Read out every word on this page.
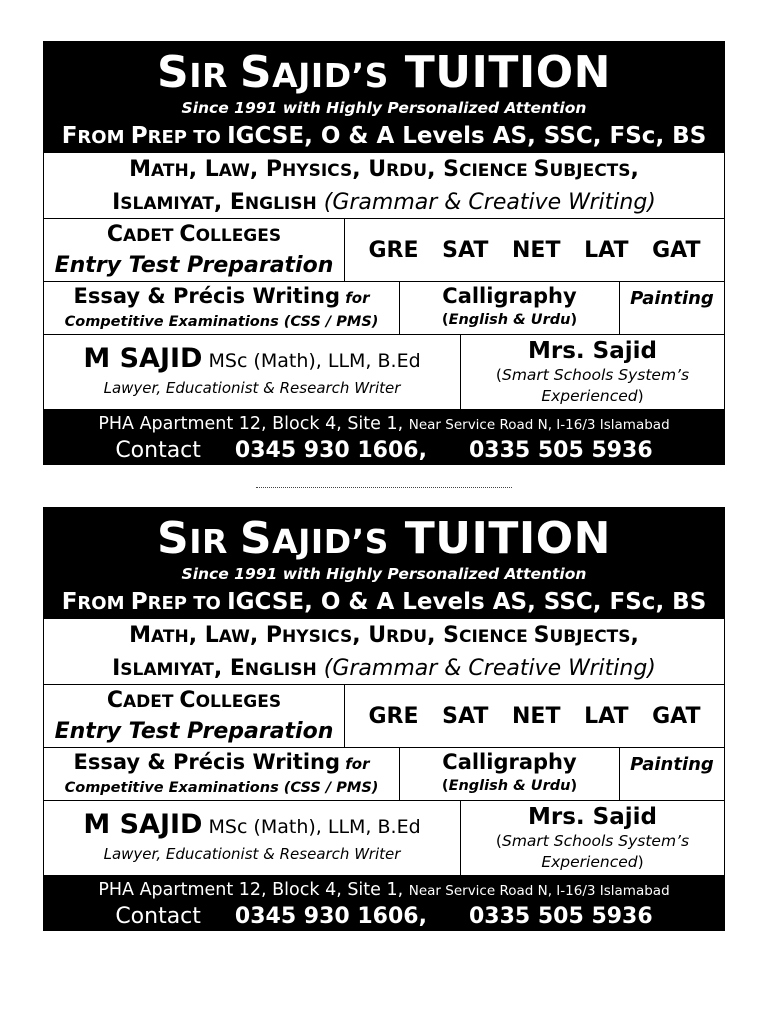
SIR SAJID’S TUITION
Since 1991 with Highly Personalized Attention
FROM PREP TO IGCSE, O & A Levels AS, SSC, FSc, BS
MATH, LAW, PHYSICS, URDU, SCIENCE SUBJECTS,
ISLAMIYAT, ENGLISH (Grammar & Creative Writing)
CADET COLLEGES
Entry Test Preparation
GRE SAT NET LAT GAT
Essay & Précis Writing for
Competitive Examinations (CSS / PMS)
Calligraphy
(English & Urdu)
Painting
M SAJID MSc (Math), LLM, B.Ed
Lawyer, Educationist & Research Writer
Mrs. Sajid
(Smart Schools System’s
Experienced)
PHA Apartment 12, Block 4, Site 1, Near Service Road N, I-16/3 Islamabad
Contact 0345 930 1606, 0335 505 5936
SIR SAJID’S TUITION
Since 1991 with Highly Personalized Attention
FROM PREP TO IGCSE, O & A Levels AS, SSC, FSc, BS
MATH, LAW, PHYSICS, URDU, SCIENCE SUBJECTS,
ISLAMIYAT, ENGLISH (Grammar & Creative Writing)
CADET COLLEGES
Entry Test Preparation
GRE SAT NET LAT GAT
Essay & Précis Writing for
Competitive Examinations (CSS / PMS)
Calligraphy
(English & Urdu)
Painting
M SAJID MSc (Math), LLM, B.Ed
Lawyer, Educationist & Research Writer
Mrs. Sajid
(Smart Schools System’s
Experienced)
PHA Apartment 12, Block 4, Site 1, Near Service Road N, I-16/3 Islamabad
Contact 0345 930 1606, 0335 505 5936
